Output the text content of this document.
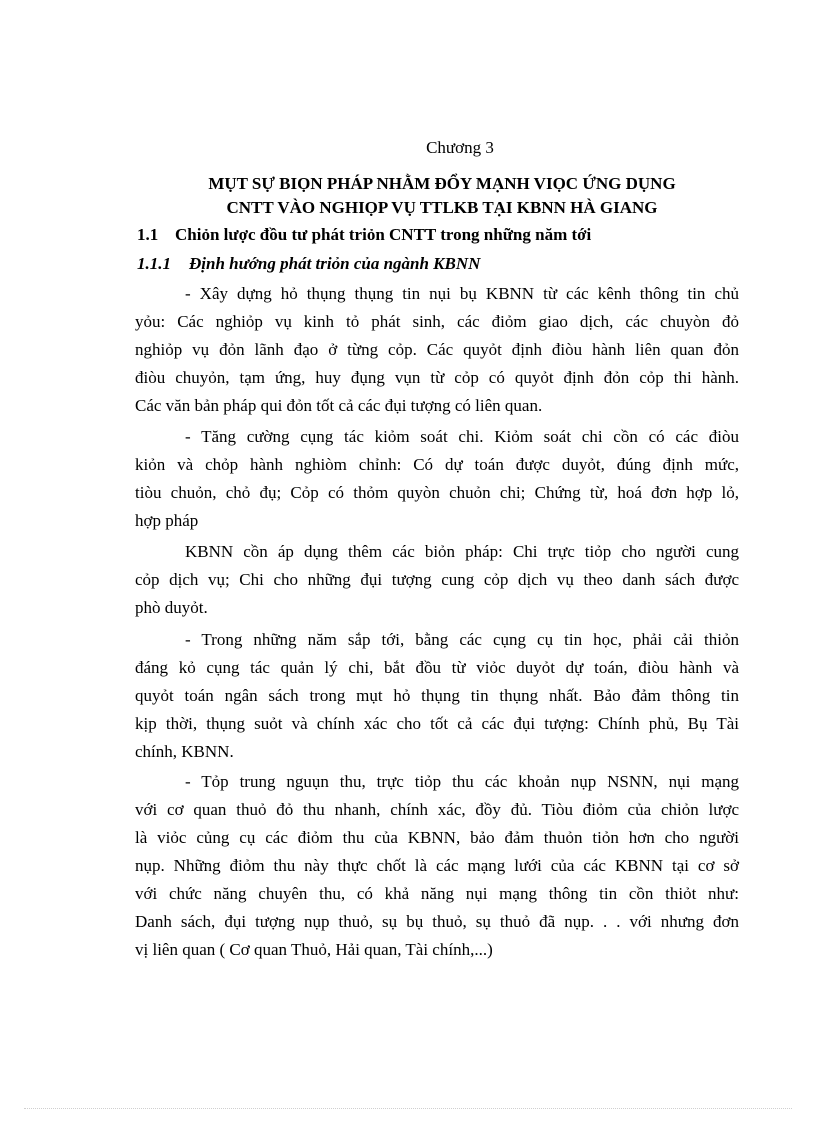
Chương 3
MỤT SỰ BIỌN PHÁP NHẰM ĐỔY MẠNH VIỌC ỨNG DỤNG
CNTT VÀO NGHIỌP VỤ TTLKB TẠI KBNN HÀ GIANG
1.1 Chiỏn lược đồu tư phát triỏn CNTT trong những năm tới
1.1.1 Định hướng phát triỏn của ngành KBNN
- Xây dựng hỏ thụng thụng tin nụi bụ KBNN từ các kênh thông tin chủ
yỏu: Các nghiỏp vụ kinh tỏ phát sinh, các điỏm giao dịch, các chuyòn đỏ
nghiỏp vụ đỏn lãnh đạo ở từng cỏp. Các quyỏt định điòu hành liên quan đỏn
điòu chuyỏn, tạm ứng, huy đụng vụn từ cỏp có quyỏt định đỏn cỏp thi hành.
Các văn bản pháp qui đỏn tốt cả các đụi tượng có liên quan.
- Tăng cường cụng tác kiỏm soát chi. Kiỏm soát chi cồn có các điòu
kiỏn và chỏp hành nghiòm chỉnh: Có dự toán được duyỏt, đúng định mức,
tiòu chuỏn, chỏ đụ; Cỏp có thỏm quyòn chuỏn chi; Chứng từ, hoá đơn hợp lỏ,
hợp pháp
KBNN cồn áp dụng thêm các biỏn pháp: Chi trực tiỏp cho người cung
cỏp dịch vụ; Chi cho những đụi tượng cung cỏp dịch vụ theo danh sách được
phò duyỏt.
- Trong những năm sắp tới, bằng các cụng cụ tin học, phải cải thiỏn
đáng kỏ cụng tác quản lý chi, bắt đồu từ viỏc duyỏt dự toán, điòu hành và
quyỏt toán ngân sách trong mụt hỏ thụng tin thụng nhất. Bảo đảm thông tin
kịp thời, thụng suỏt và chính xác cho tốt cả các đụi tượng: Chính phủ, Bụ Tài
chính, KBNN.
- Tỏp trung nguụn thu, trực tiỏp thu các khoản nụp NSNN, nụi mạng
với cơ quan thuỏ đỏ thu nhanh, chính xác, đồy đủ. Tiòu điỏm của chiỏn lược
là viỏc củng cụ các điỏm thu của KBNN, bảo đảm thuỏn tiỏn hơn cho người
nụp. Những điỏm thu này thực chốt là các mạng lưới của các KBNN tại cơ sở
với chức năng chuyên thu, có khả năng nụi mạng thông tin cồn thiỏt như:
Danh sách, đụi tượng nụp thuỏ, sụ bụ thuỏ, sụ thuỏ đã nụp. . . với nhưng đơn
vị liên quan ( Cơ quan Thuỏ, Hải quan, Tài chính,...)
